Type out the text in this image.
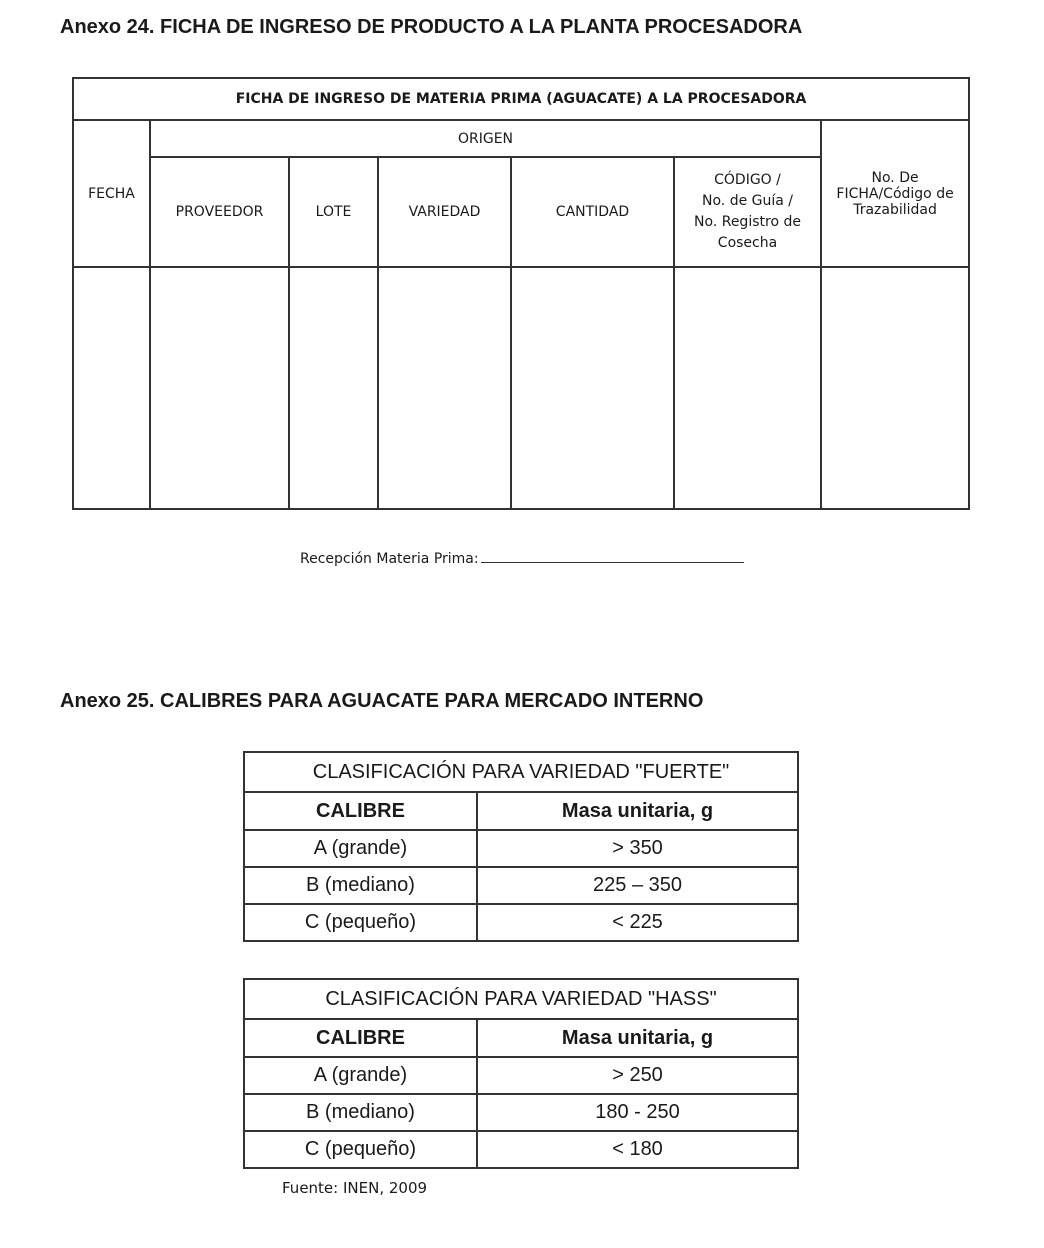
Anexo 24. FICHA DE INGRESO DE PRODUCTO A LA PLANTA PROCESADORA
FICHA DE INGRESO DE MATERIA PRIMA (AGUACATE) A LA PROCESADORA						
FECHA	ORIGEN					No. De
FICHA/Código de
Trazabilidad
	PROVEEDOR	LOTE	VARIEDAD	CANTIDAD	CÓDIGO /
No. de Guía /
No. Registro de
Cosecha	

Recepción Materia Prima:
Anexo 25. CALIBRES PARA AGUACATE PARA MERCADO INTERNO
CLASIFICACIÓN PARA VARIEDAD "FUERTE"	
CALIBRE	Masa unitaria, g
A (grande)	> 350
B (mediano)	225 – 350
C (pequeño)	< 225
CLASIFICACIÓN PARA VARIEDAD "HASS"	
CALIBRE	Masa unitaria, g
A (grande)	> 250
B (mediano)	180 - 250
C (pequeño)	< 180
Fuente: INEN, 2009
